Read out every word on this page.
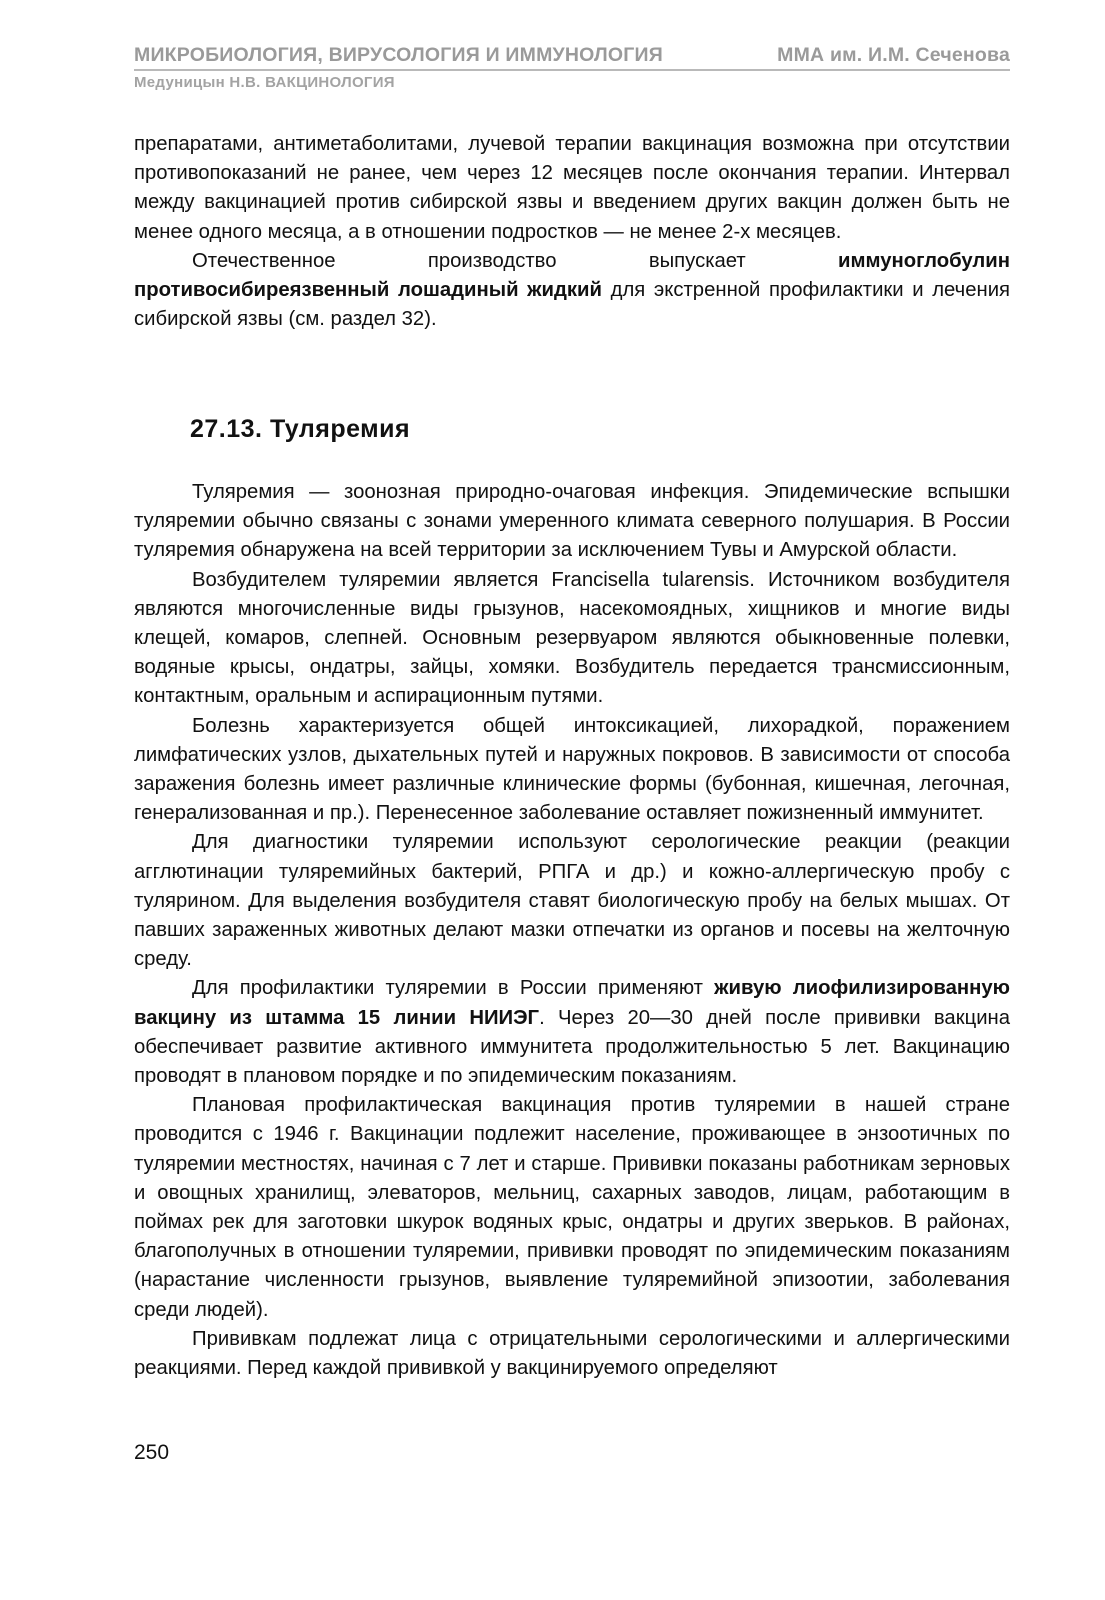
МИКРОБИОЛОГИЯ, ВИРУСОЛОГИЯ И ИММУНОЛОГИЯ	ММА им. И.М. Сеченова
Медуницын Н.В. ВАКЦИНОЛОГИЯ

препаратами, антиметаболитами, лучевой терапии вакцинация возможна при отсутствии противопоказаний не ранее, чем через 12 месяцев после окончания терапии. Интервал между вакцинацией против сибирской язвы и введением других вакцин должен быть не менее одного месяца, а в отношении подростков — не менее 2-х месяцев.

Отечественное производство выпускает иммуноглобулин противосибиреязвенный лошадиный жидкий для экстренной профилактики и лечения сибирской язвы (см. раздел 32).

27.13. Туляремия

Туляремия — зоонозная природно-очаговая инфекция. Эпидемические вспышки туляремии обычно связаны с зонами умеренного климата северного полушария. В России туляремия обнаружена на всей территории за исключением Тувы и Амурской области.

Возбудителем туляремии является Francisella tularensis. Источником возбудителя являются многочисленные виды грызунов, насекомоядных, хищников и многие виды клещей, комаров, слепней. Основным резервуаром являются обыкновенные полевки, водяные крысы, ондатры, зайцы, хомяки. Возбудитель передается трансмиссионным, контактным, оральным и аспирационным путями.

Болезнь характеризуется общей интоксикацией, лихорадкой, поражением лимфатических узлов, дыхательных путей и наружных покровов. В зависимости от способа заражения болезнь имеет различные клинические формы (бубонная, кишечная, легочная, генерализованная и пр.). Перенесенное заболевание оставляет пожизненный иммунитет.

Для диагностики туляремии используют серологические реакции (реакции агглютинации туляремийных бактерий, РПГА и др.) и кожно-аллергическую пробу с тулярином. Для выделения возбудителя ставят биологическую пробу на белых мышах. От павших зараженных животных делают мазки отпечатки из органов и посевы на желточную среду.

Для профилактики туляремии в России применяют живую лиофилизированную вакцину из штамма 15 линии НИИЭГ. Через 20—30 дней после прививки вакцина обеспечивает развитие активного иммунитета продолжительностью 5 лет. Вакцинацию проводят в плановом порядке и по эпидемическим показаниям.

Плановая профилактическая вакцинация против туляремии в нашей стране проводится с 1946 г. Вакцинации подлежит население, проживающее в энзоотичных по туляремии местностях, начиная с 7 лет и старше. Прививки показаны работникам зерновых и овощных хранилищ, элеваторов, мельниц, сахарных заводов, лицам, работающим в поймах рек для заготовки шкурок водяных крыс, ондатры и других зверьков. В районах, благополучных в отношении туляремии, прививки проводят по эпидемическим показаниям (нарастание численности грызунов, выявление туляремийной эпизоотии, заболевания среди людей).

Прививкам подлежат лица с отрицательными серологическими и аллергическими реакциями. Перед каждой прививкой у вакцинируемого определяют

250
